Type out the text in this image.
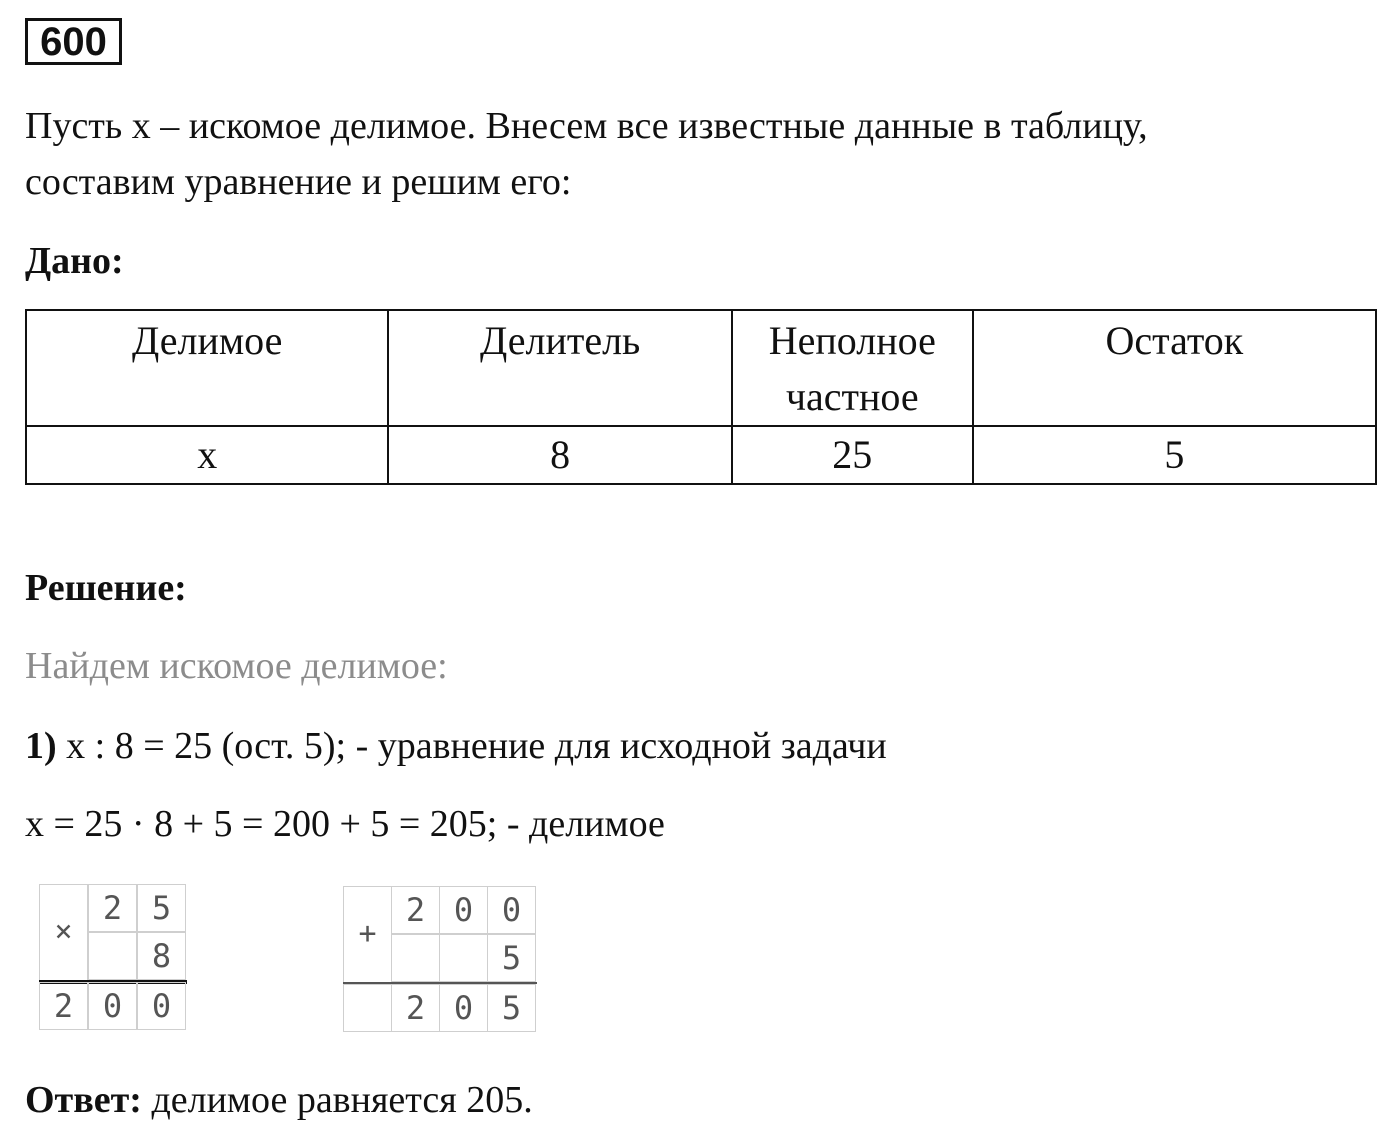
600
Пусть х – искомое делимое. Внесем все известные данные в таблицу,
составим уравнение и решим его:
Дано:
Делимое	Делитель	Неполное частное	Остаток
х	8	25	5
Решение:
Найдем искомое делимое:
1) х : 8 = 25 (ост. 5); - уравнение для исходной задачи
х = 25 · 8 + 5 = 200 + 5 = 205; - делимое
×
2 5
8
2 0 0
+
2 0 0
5
2 0 5
Ответ: делимое равняется 205.
